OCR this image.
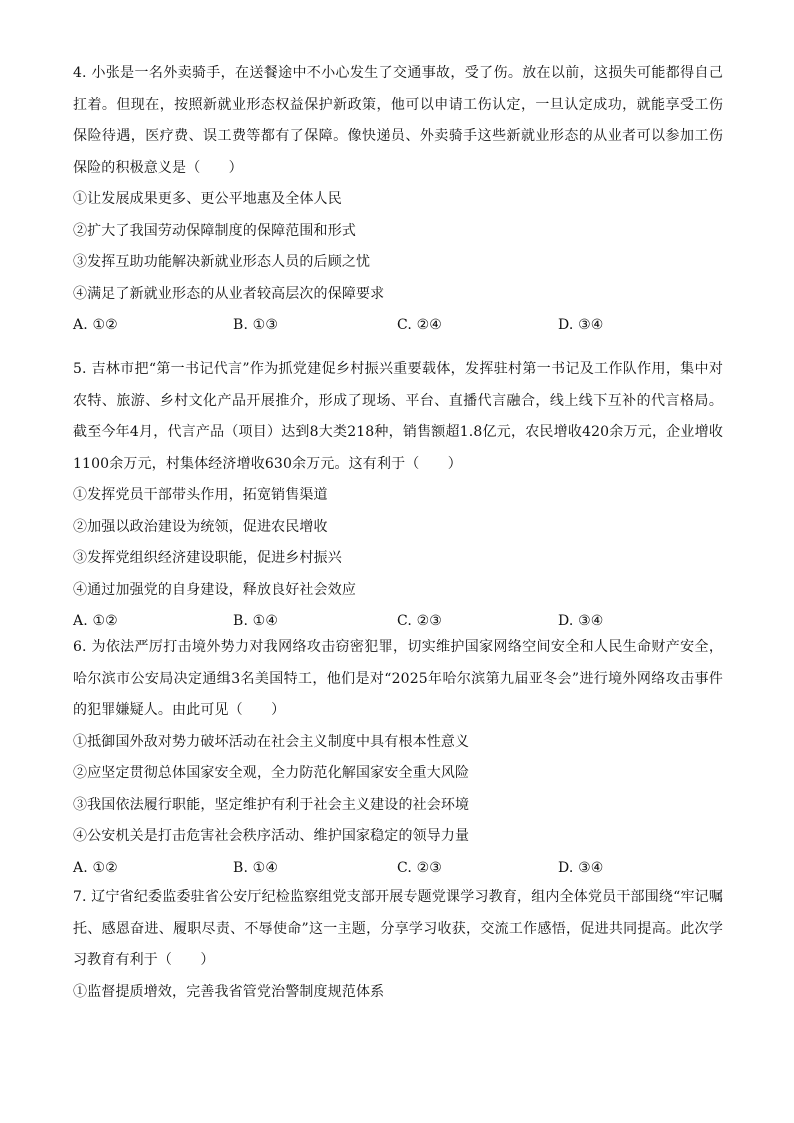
4. 小张是一名外卖骑手，在送餐途中不小心发生了交通事故，受了伤。放在以前，这损失可能都得自己扛着。但现在，按照新就业形态权益保护新政策，他可以申请工伤认定，一旦认定成功，就能享受工伤保险待遇，医疗费、误工费等都有了保障。像快递员、外卖骑手这些新就业形态的从业者可以参加工伤保险的积极意义是（　　）

①让发展成果更多、更公平地惠及全体人民

②扩大了我国劳动保障制度的保障范围和形式

③发挥互助功能解决新就业形态人员的后顾之忧

④满足了新就业形态的从业者较高层次的保障要求

A. ①②	B. ①③	C. ②④	D. ③④

5. 吉林市把“第一书记代言”作为抓党建促乡村振兴重要载体，发挥驻村第一书记及工作队作用，集中对农特、旅游、乡村文化产品开展推介，形成了现场、平台、直播代言融合，线上线下互补的代言格局。截至今年4月，代言产品（项目）达到8大类218种，销售额超1.8亿元，农民增收420余万元，企业增收1100余万元，村集体经济增收630余万元。这有利于（　　）

①发挥党员干部带头作用，拓宽销售渠道

②加强以政治建设为统领，促进农民增收

③发挥党组织经济建设职能，促进乡村振兴

④通过加强党的自身建设，释放良好社会效应

A. ①②	B. ①④	C. ②③	D. ③④

6. 为依法严厉打击境外势力对我网络攻击窃密犯罪，切实维护国家网络空间安全和人民生命财产安全，哈尔滨市公安局决定通缉3名美国特工，他们是对“2025年哈尔滨第九届亚冬会”进行境外网络攻击事件的犯罪嫌疑人。由此可见（　　）

①抵御国外敌对势力破坏活动在社会主义制度中具有根本性意义

②应坚定贯彻总体国家安全观，全力防范化解国家安全重大风险

③我国依法履行职能，坚定维护有利于社会主义建设的社会环境

④公安机关是打击危害社会秩序活动、维护国家稳定的领导力量

A. ①②	B. ①④	C. ②③	D. ③④

7. 辽宁省纪委监委驻省公安厅纪检监察组党支部开展专题党课学习教育，组内全体党员干部围绕“牢记嘱托、感恩奋进、履职尽责、不辱使命”这一主题，分享学习收获，交流工作感悟，促进共同提高。此次学习教育有利于（　　）

①监督提质增效，完善我省管党治警制度规范体系
